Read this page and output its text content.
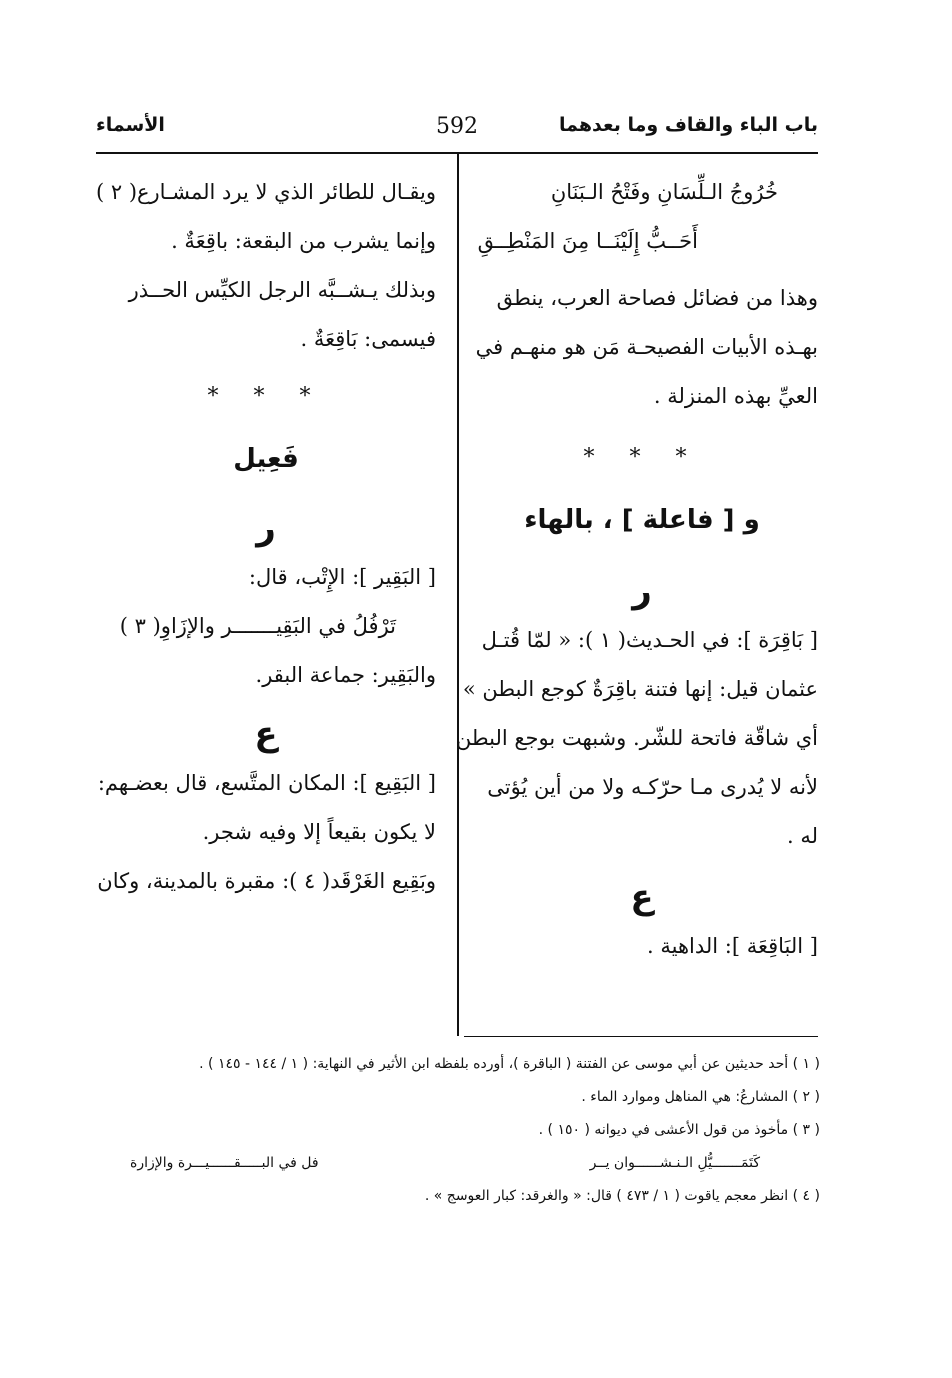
باب الباء والقاف وما بعدهما
592
الأسماء
خُرُوجُ الـلِّسَانِ وفَتْحُ الـبَنَانِ
أَحَــبُّ إِلَيْنَــا مِنَ المَنْطِــقِ
وهذا من فضائل فصاحة العرب، ينطق
بهـذه الأبيات الفصيحـة مَن هو منهـم في
العيِّ بهذه المنزلة .
* * *
و [ فاعلة ] ، بالهاء
ر
[ بَاقِرَة ]: في الحـديث( ١ ): « لمّا قُتـل
عثمان قيل: إنها فتنة باقِرَةٌ كوجع البطن »
أي شاقّة فاتحة للشّر. وشبهت بوجع البطن
لأنه لا يُدرى مـا حرّكـه ولا من أين يُؤتى
له .
ع
[ البَاقِعَة ]: الداهية .
ويقـال للطائر الذي لا يرد المشـارع( ٢ )
وإنما يشرب من البقعة: باقِعَةٌ .
وبذلك يـشــبَّه الرجل الكيِّس الحــذر
فيسمى: بَاقِعَةٌ .
* * *
فَعِيل
ر
[ البَقِير ]: الإِتْب، قال:
تَرْفُلُ في البَقِيـــــــر والإزَاوِ( ٣ )
والبَقِير: جماعة البقر.
ع
[ البَقِيع ]: المكان المتَّسع، قال بعضـهم:
لا يكون بقيعاً إلا وفيه شجر.
وبَقِيع الغَرْقَد( ٤ ): مقبرة بالمدينة، وكان
( ١ ) أحد حديثين عن أبي موسى عن الفتنة ( الباقرة )، أورده بلفظه ابن الأثير في النهاية: ( ١ / ١٤٤ - ١٤٥ ) .
( ٢ ) المشارعُ: هي المناهل وموارد الماء .
( ٣ ) مأخوذ من قول الأعشى في ديوانه ( ١٥٠ ) .
كَتَمَـــــــيُّلِ الـنـشــــــوان يــر
فل في البـــــقــــــيـــرة والإزارة
( ٤ ) انظر معجم ياقوت ( ١ / ٤٧٣ ) قال: « والغرقد: كبار العوسج » .
